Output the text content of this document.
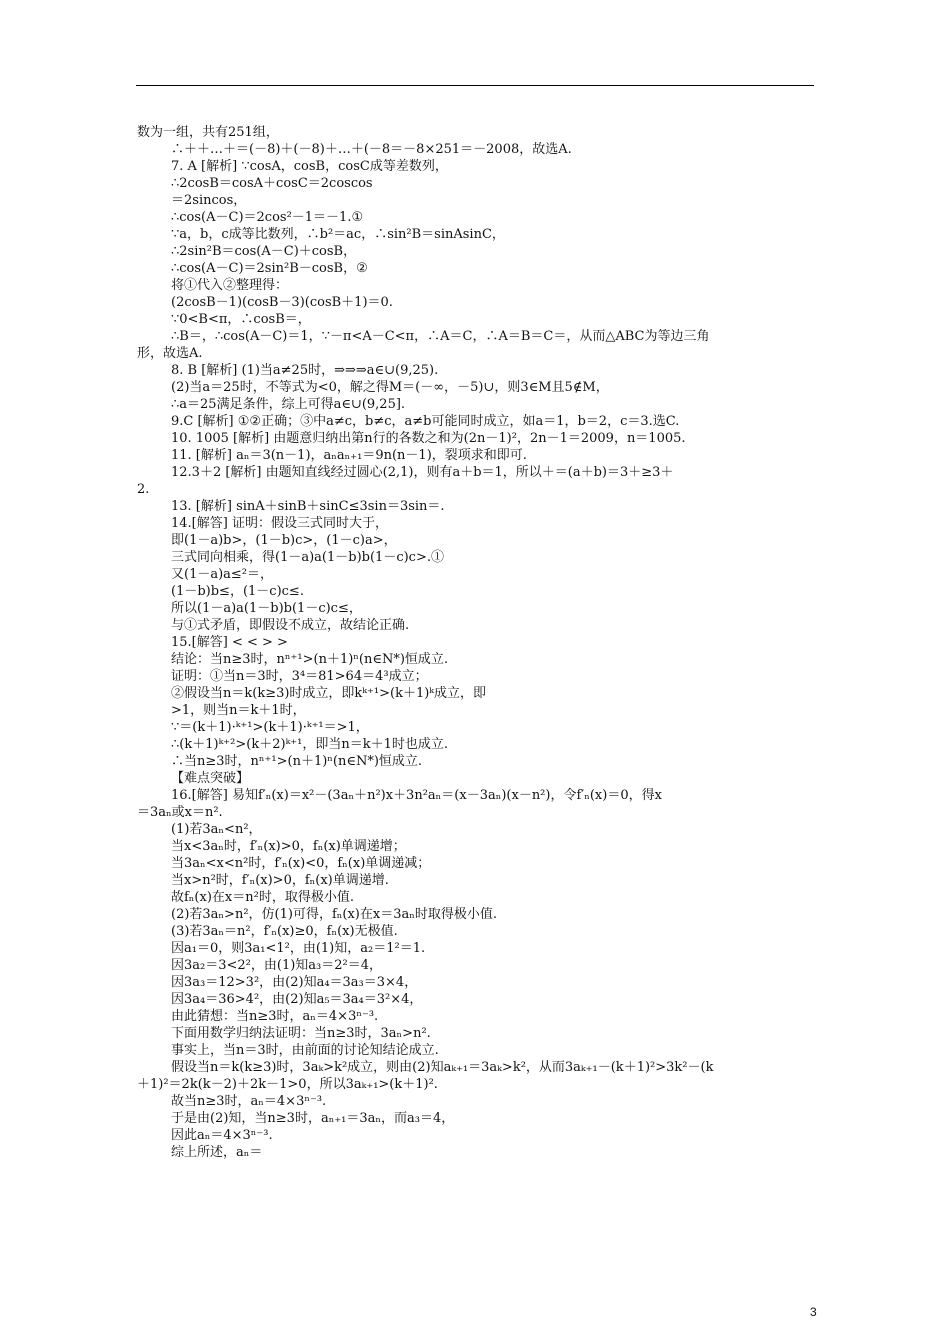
数为一组，共有251组，
∴＋＋…＋＝(－8)＋(－8)＋…＋(－8＝－8×251＝－2008，故选A.
7. A [解析] ∵cosA，cosB，cosC成等差数列，
∴2cosB＝cosA＋cosC＝2coscos
＝2sincos，
∴cos(A－C)＝2cos²－1＝－1.①
∵a，b，c成等比数列，∴b²＝ac，∴sin²B＝sinAsinC，
∴2sin²B＝cos(A－C)＋cosB，
∴cos(A－C)＝2sin²B－cosB，②
将①代入②整理得：
(2cosB－1)(cosB－3)(cosB＋1)＝0.
∵0<B<π，∴cosB＝，
∴B＝，∴cos(A－C)＝1，∵－π<A－C<π，∴A＝C，∴A＝B＝C＝，从而△ABC为等边三角
形，故选A.
8. B [解析] (1)当a≠25时，⇒⇒⇒a∈∪(9,25).
(2)当a＝25时，不等式为<0，解之得M＝(－∞，－5)∪，则3∈M且5∉M，
∴a＝25满足条件，综上可得a∈∪(9,25].
9.C [解析] ①②正确；③中a≠c，b≠c，a≠b可能同时成立，如a＝1，b＝2，c＝3.选C.
10. 1005 [解析] 由题意归纳出第n行的各数之和为(2n－1)²，2n－1＝2009，n＝1005.
11. [解析] aₙ＝3(n－1)，aₙaₙ₊₁＝9n(n－1)，裂项求和即可.
12.3＋2 [解析] 由题知直线经过圆心(2,1)，则有a＋b＝1，所以＋＝(a＋b)＝3＋≥3＋
2.
13. [解析] sinA＋sinB＋sinC≤3sin＝3sin＝.
14.[解答] 证明：假设三式同时大于，
即(1－a)b>，(1－b)c>，(1－c)a>，
三式同向相乘，得(1－a)a(1－b)b(1－c)c>.①
又(1－a)a≤²＝，
(1－b)b≤，(1－c)c≤.
所以(1－a)a(1－b)b(1－c)c≤，
与①式矛盾，即假设不成立，故结论正确.
15.[解答] < < > >
结论：当n≥3时，nⁿ⁺¹>(n＋1)ⁿ(n∈N*)恒成立.
证明：①当n＝3时，3⁴＝81>64＝4³成立；
②假设当n＝k(k≥3)时成立，即kᵏ⁺¹>(k＋1)ᵏ成立，即
>1，则当n＝k＋1时，
∵＝(k＋1)·ᵏ⁺¹>(k＋1)·ᵏ⁺¹＝>1，
∴(k＋1)ᵏ⁺²>(k＋2)ᵏ⁺¹，即当n＝k＋1时也成立.
∴当n≥3时，nⁿ⁺¹>(n＋1)ⁿ(n∈N*)恒成立.
【难点突破】
16.[解答] 易知f′ₙ(x)＝x²－(3aₙ＋n²)x＋3n²aₙ＝(x－3aₙ)(x－n²)，令f′ₙ(x)＝0，得x
＝3aₙ或x＝n².
(1)若3aₙ<n²，
当x<3aₙ时，f′ₙ(x)>0，fₙ(x)单调递增；
当3aₙ<x<n²时，f′ₙ(x)<0，fₙ(x)单调递减；
当x>n²时，f′ₙ(x)>0，fₙ(x)单调递增.
故fₙ(x)在x＝n²时，取得极小值.
(2)若3aₙ>n²，仿(1)可得，fₙ(x)在x＝3aₙ时取得极小值.
(3)若3aₙ＝n²，f′ₙ(x)≥0，fₙ(x)无极值.
因a₁＝0，则3a₁<1²，由(1)知，a₂＝1²＝1.
因3a₂＝3<2²，由(1)知a₃＝2²＝4，
因3a₃＝12>3²，由(2)知a₄＝3a₃＝3×4，
因3a₄＝36>4²，由(2)知a₅＝3a₄＝3²×4，
由此猜想：当n≥3时，aₙ＝4×3ⁿ⁻³.
下面用数学归纳法证明：当n≥3时，3aₙ>n².
事实上，当n＝3时，由前面的讨论知结论成立.
假设当n＝k(k≥3)时，3aₖ>k²成立，则由(2)知aₖ₊₁＝3aₖ>k²，从而3aₖ₊₁－(k＋1)²>3k²－(k
＋1)²＝2k(k－2)＋2k－1>0，所以3aₖ₊₁>(k＋1)².
故当n≥3时，aₙ＝4×3ⁿ⁻³.
于是由(2)知，当n≥3时，aₙ₊₁＝3aₙ，而a₃＝4，
因此aₙ＝4×3ⁿ⁻³.
综上所述，aₙ＝
3
